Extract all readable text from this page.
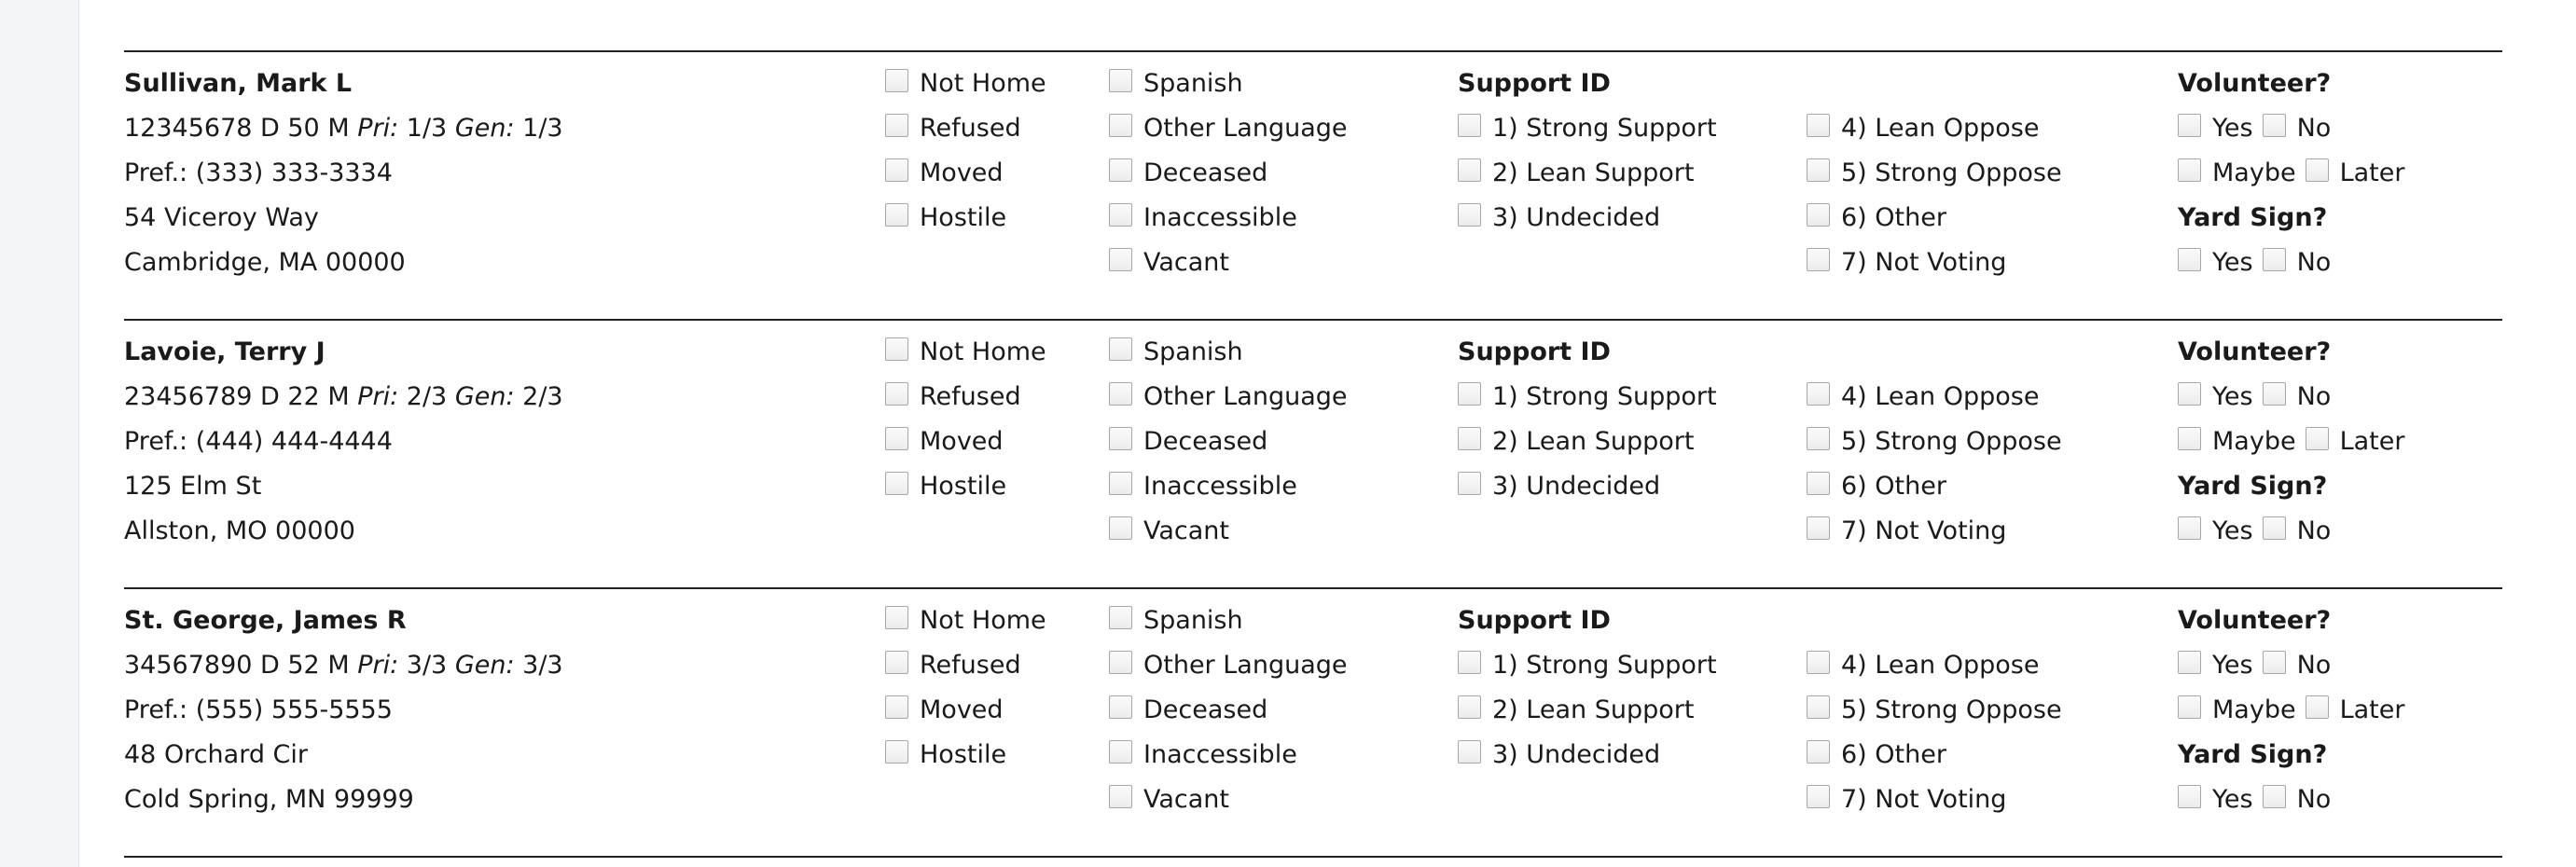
Sullivan, Mark L
12345678 D 50 M Pri: 1/3 Gen: 1/3
Pref.: (333) 333-3334
54 Viceroy Way
Cambridge, MA 00000
Not Home
Refused
Moved
Hostile
Spanish
Other Language
Deceased
Inaccessible
Vacant
Support ID
1) Strong Support
2) Lean Support
3) Undecided
4) Lean Oppose
5) Strong Oppose
6) Other
7) Not Voting
Volunteer?
Yes No
Maybe Later
Yard Sign?
Yes No
Lavoie, Terry J
23456789 D 22 M Pri: 2/3 Gen: 2/3
Pref.: (444) 444-4444
125 Elm St
Allston, MO 00000
Not Home
Refused
Moved
Hostile
Spanish
Other Language
Deceased
Inaccessible
Vacant
Support ID
1) Strong Support
2) Lean Support
3) Undecided
4) Lean Oppose
5) Strong Oppose
6) Other
7) Not Voting
Volunteer?
Yes No
Maybe Later
Yard Sign?
Yes No
St. George, James R
34567890 D 52 M Pri: 3/3 Gen: 3/3
Pref.: (555) 555-5555
48 Orchard Cir
Cold Spring, MN 99999
Not Home
Refused
Moved
Hostile
Spanish
Other Language
Deceased
Inaccessible
Vacant
Support ID
1) Strong Support
2) Lean Support
3) Undecided
4) Lean Oppose
5) Strong Oppose
6) Other
7) Not Voting
Volunteer?
Yes No
Maybe Later
Yard Sign?
Yes No
